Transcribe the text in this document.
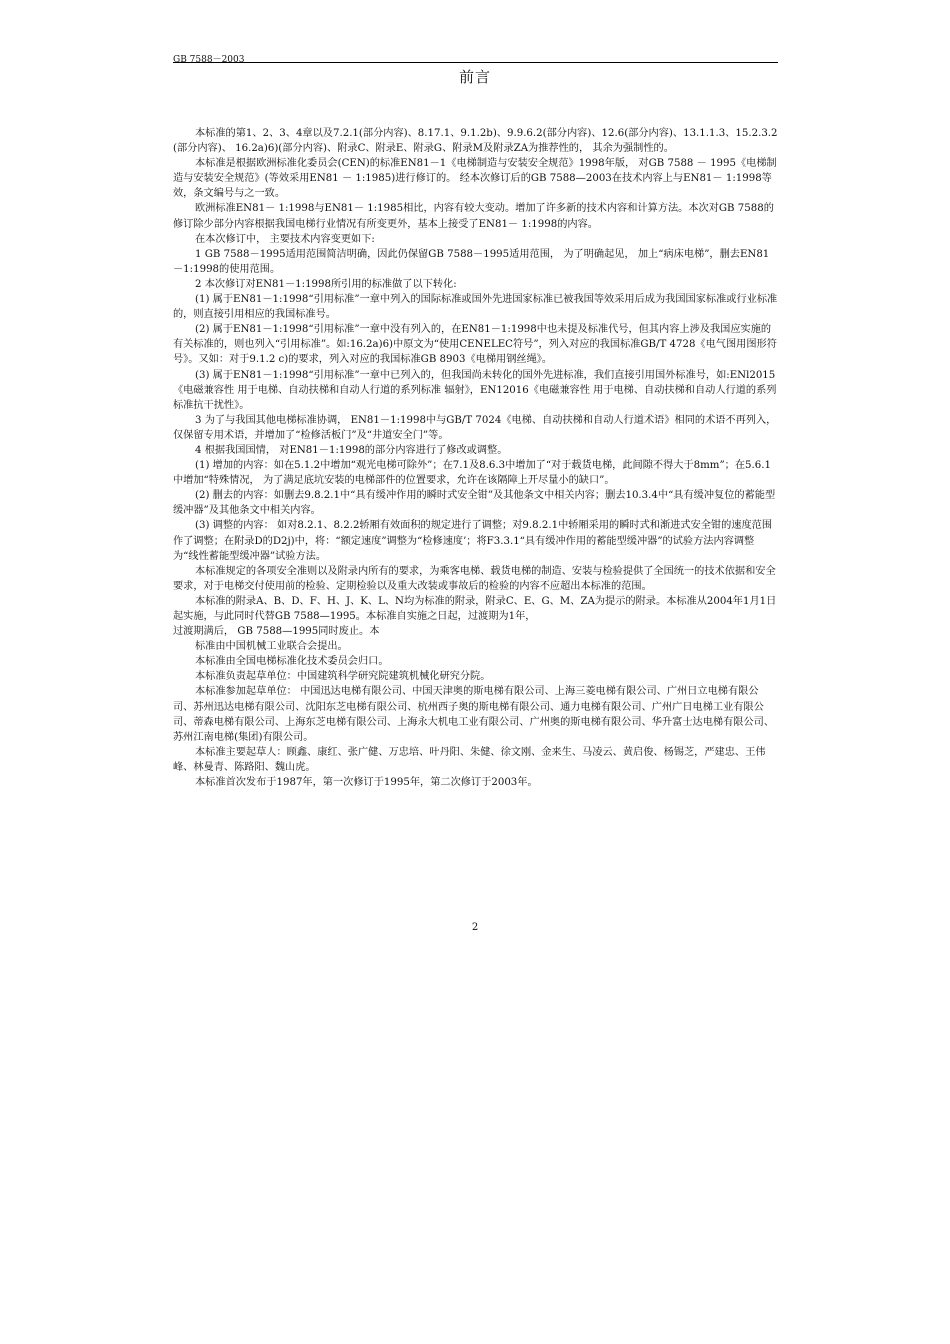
GB 7588－2003
前言

本标准的第1、2、3、4章以及7.2.1(部分内容)、8.17.1、9.1.2b)、9.9.6.2(部分内容)、12.6(部分内容)、13.1.1.3、15.2.3.2(部分内容)、 16.2a)6)(部分内容)、附录C、附录E、附录G、附录M及附录ZA为推荐性的， 其余为强制性的。

本标准是根据欧洲标准化委员会(CEN)的标准EN81－1《电梯制造与安装安全规范》1998年版， 对GB 7588 － 1995《电梯制造与安装安全规范》(等效采用EN81 － 1:1985)进行修订的。 经本次修订后的GB 7588—2003在技术内容上与EN81－ 1:1998等效，条文编号与之一致。

欧洲标准EN81－ 1:1998与EN81－ 1:1985相比，内容有较大变动。增加了许多新的技术内容和计算方法。本次对GB 7588的修订除少部分内容根据我国电梯行业情况有所变更外，基本上接受了EN81－ 1:1998的内容。

在本次修订中， 主要技术内容变更如下:

1 GB 7588－1995适用范围简洁明确，因此仍保留GB 7588－1995适用范围， 为了明确起见， 加上“病床电梯”，删去EN81－1:1998的使用范围。

2 本次修订对EN81－1:1998所引用的标准做了以下转化:

(1) 属于EN81－1:1998“引用标准”一章中列入的国际标准或国外先进国家标准已被我国等效采用后成为我国国家标准或行业标准的，则直接引用相应的我国标准号。

(2) 属于EN81－1:1998“引用标准”一章中没有列入的，在EN81－1:1998中也未提及标准代号，但其内容上涉及我国应实施的有关标准的，则也列入“引用标准”。如:16.2a)6)中原文为“使用CENELEC符号”，列入对应的我国标准GB/T 4728《电气图用图形符号》。又如：对于9.1.2 c)的要求，列入对应的我国标准GB 8903《电梯用钢丝绳》。

(3) 属于EN81－1:1998“引用标准”一章中已列入的，但我国尚未转化的国外先进标准，我们直接引用国外标准号，如:ENl2015《电磁兼容性 用于电梯、自动扶梯和自动人行道的系列标准 辐射》，EN12016《电磁兼容性 用于电梯、自动扶梯和自动人行道的系列标准抗干扰性》。

3 为了与我国其他电梯标准协调， EN81－1:1998中与GB/T 7024《电梯、自动扶梯和自动人行道术语》相同的术语不再列入， 仅保留专用术语，并增加了“检修活板门”及“井道安全门”等。

4 根据我国国情， 对EN81－1:1998的部分内容进行了修改或调整。

(1) 增加的内容：如在5.1.2中增加“观光电梯可除外”；在7.1及8.6.3中增加了“对于载货电梯，此间隙不得大于8mm”；在5.6.1中增加“特殊情况， 为了满足底坑安装的电梯部件的位置要求，允许在该隔障上开尽量小的缺口”。

(2) 删去的内容：如删去9.8.2.1中“具有缓冲作用的瞬时式安全钳”及其他条文中相关内容；删去10.3.4中“具有缓冲复位的蓄能型缓冲器”及其他条文中相关内容。

(3) 调整的内容： 如对8.2.1、8.2.2轿厢有效面积的规定进行了调整；对9.8.2.1中轿厢采用的瞬时式和渐进式安全钳的速度范围作了调整；在附录D的D2j)中，将：“额定速度”调整为“检修速度’；将F3.3.1“具有缓冲作用的蓄能型缓冲器”的试验方法内容调整为“线性蓄能型缓冲器”试验方法。

本标准规定的各项安全准则以及附录内所有的要求，为乘客电梯、载货电梯的制造、安装与检验提供了全国统一的技术依据和安全要求，对于电梯交付使用前的检验、定期检验以及重大改装或事故后的检验的内容不应超出本标准的范围。

本标准的附录A、B、D、F、H、J、K、L、N均为标准的附录，附录C、E、G、M、ZA为提示的附录。本标准从2004年1月1日起实施，与此同时代替GB 7588—1995。本标准自实施之日起，过渡期为1年，

过渡期满后， GB 7588—1995同时废止。本

标准由中国机械工业联合会提出。

本标准由全国电梯标准化技术委员会归口。

本标准负责起草单位：中国建筑科学研究院建筑机械化研究分院。

本标准参加起草单位： 中国迅达电梯有限公司、中国天津奥的斯电梯有限公司、上海三菱电梯有限公司、广州日立电梯有限公司、苏州迅达电梯有限公司、沈阳东芝电梯有限公司、杭州西子奥的斯电梯有限公司、通力电梯有限公司、广州广日电梯工业有限公司、蒂森电梯有限公司、上海东芝电梯有限公司、上海永大机电工业有限公司、广州奥的斯电梯有限公司、华升富士达电梯有限公司、苏州江南电梯(集团)有限公司。

本标准主要起草人：顾鑫、康红、张广健、万忠培、叶丹阳、朱健、徐文刚、金来生、马凌云、黄启俊、杨锡芝，严建忠、王伟峰、林曼青、陈路阳、魏山虎。

本标准首次发布于1987年，第一次修订于1995年，第二次修订于2003年。

2
